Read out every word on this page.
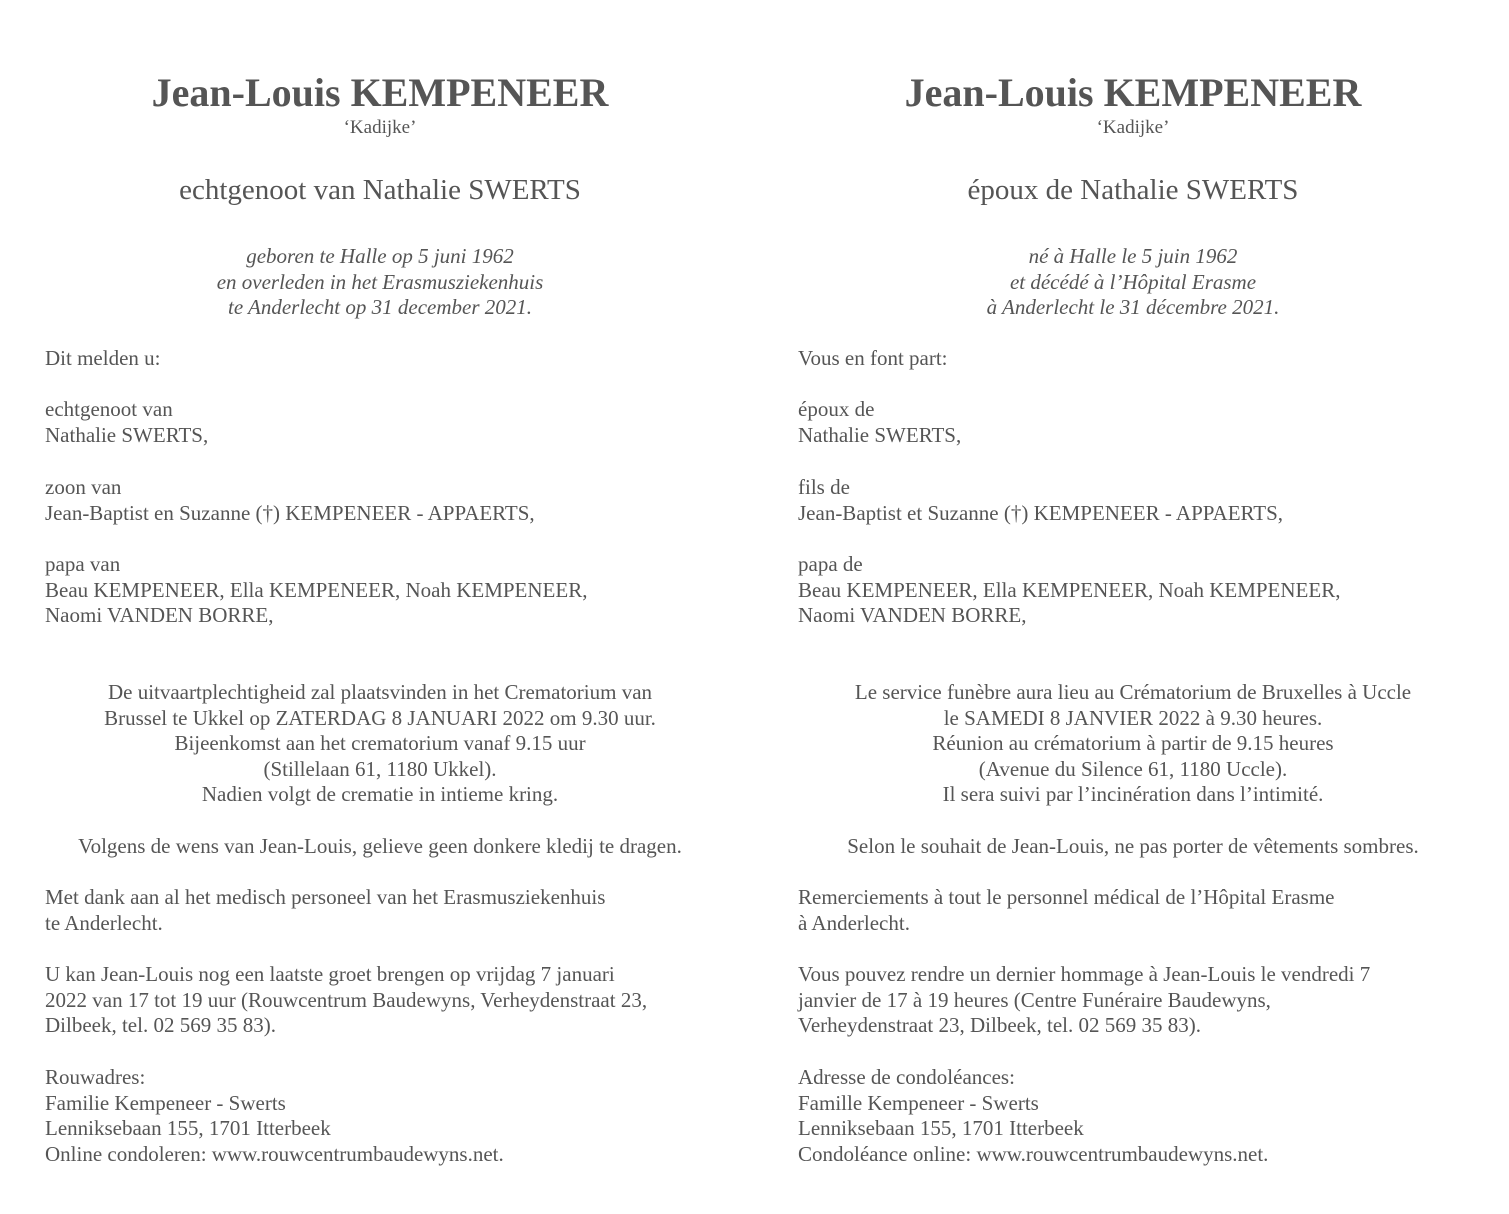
Jean-Louis KEMPENEER
‘Kadijke’
echtgenoot van Nathalie SWERTS
geboren te Halle op 5 juni 1962
en overleden in het Erasmusziekenhuis
te Anderlecht op 31 december 2021.
Dit melden u:
echtgenoot van
Nathalie SWERTS,
zoon van
Jean-Baptist en Suzanne (†) KEMPENEER - APPAERTS,
papa van
Beau KEMPENEER, Ella KEMPENEER, Noah KEMPENEER,
Naomi VANDEN BORRE,
De uitvaartplechtigheid zal plaatsvinden in het Crematorium van
Brussel te Ukkel op ZATERDAG 8 JANUARI 2022 om 9.30 uur.
Bijeenkomst aan het crematorium vanaf 9.15 uur
(Stillelaan 61, 1180 Ukkel).
Nadien volgt de crematie in intieme kring.
Volgens de wens van Jean-Louis, gelieve geen donkere kledij te dragen.
Met dank aan al het medisch personeel van het Erasmusziekenhuis
te Anderlecht.
U kan Jean-Louis nog een laatste groet brengen op vrijdag 7 januari
2022 van 17 tot 19 uur (Rouwcentrum Baudewyns, Verheydenstraat 23,
Dilbeek, tel. 02 569 35 83).
Rouwadres:
Familie Kempeneer - Swerts
Lenniksebaan 155, 1701 Itterbeek
Online condoleren: www.rouwcentrumbaudewyns.net.
Jean-Louis KEMPENEER
‘Kadijke’
époux de Nathalie SWERTS
né à Halle le 5 juin 1962
et décédé à l’Hôpital Erasme
à Anderlecht le 31 décembre 2021.
Vous en font part:
époux de
Nathalie SWERTS,
fils de
Jean-Baptist et Suzanne (†) KEMPENEER - APPAERTS,
papa de
Beau KEMPENEER, Ella KEMPENEER, Noah KEMPENEER,
Naomi VANDEN BORRE,
Le service funèbre aura lieu au Crématorium de Bruxelles à Uccle
le SAMEDI 8 JANVIER 2022 à 9.30 heures.
Réunion au crématorium à partir de 9.15 heures
(Avenue du Silence 61, 1180 Uccle).
Il sera suivi par l’incinération dans l’intimité.
Selon le souhait de Jean-Louis, ne pas porter de vêtements sombres.
Remerciements à tout le personnel médical de l’Hôpital Erasme
à Anderlecht.
Vous pouvez rendre un dernier hommage à Jean-Louis le vendredi 7
janvier de 17 à 19 heures (Centre Funéraire Baudewyns,
Verheydenstraat 23, Dilbeek, tel. 02 569 35 83).
Adresse de condoléances:
Famille Kempeneer - Swerts
Lenniksebaan 155, 1701 Itterbeek
Condoléance online: www.rouwcentrumbaudewyns.net.
